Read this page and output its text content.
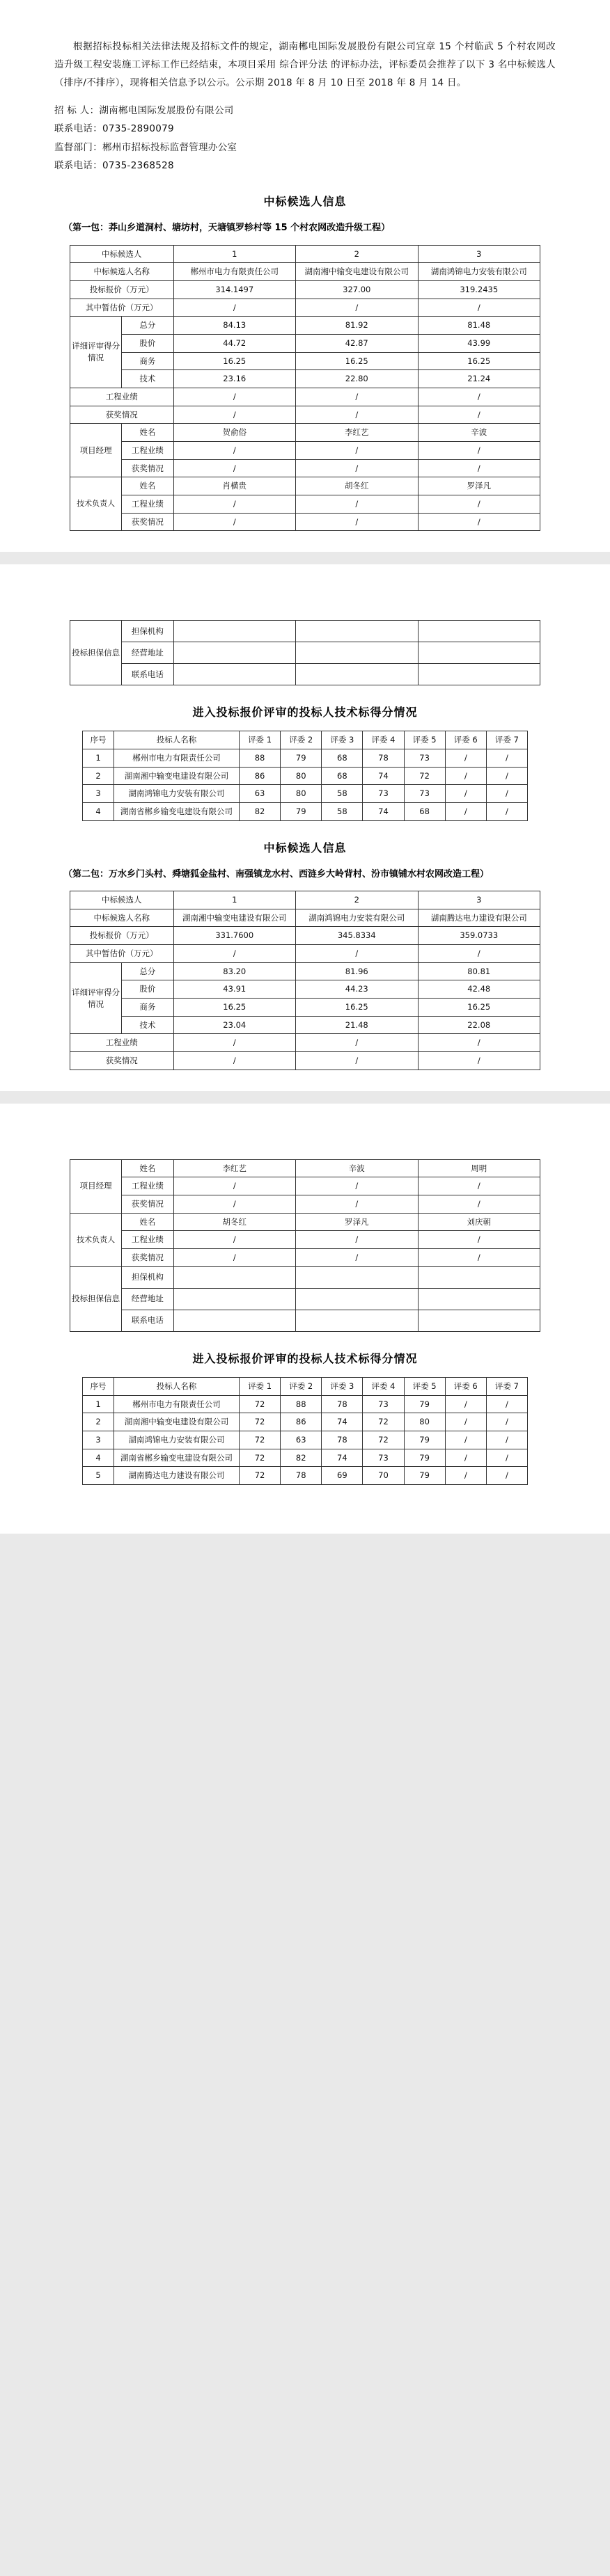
根据招标投标相关法律法规及招标文件的规定，湖南郴电国际发展股份有限公司宜章 15 个村临武 5 个村农网改造升级工程安装施工评标工作已经结束，本项目采用 综合评分法 的评标办法，评标委员会推荐了以下 3 名中标候选人（排序/不排序），现将相关信息予以公示。公示期 2018 年 8 月 10 日至 2018 年 8 月 14 日。

招 标 人：湖南郴电国际发展股份有限公司
联系电话：0735-2890079
监督部门：郴州市招标投标监督管理办公室
联系电话：0735-2368528
中标候选人信息
（第一包：莽山乡道洞村、塘坊村，天塘镇罗轸村等 15 个村农网改造升级工程）
中标候选人		1	2	3
中标候选人名称		郴州市电力有限责任公司	湖南湘中输变电建设有限公司	湖南鸿锦电力安装有限公司
投标报价（万元）		314.1497	327.00	319.2435
其中暂估价（万元）		/	/	/
详细评审得分情况	总分	84.13	81.92	81.48
	股价	44.72	42.87	43.99
	商务	16.25	16.25	16.25
	技术	23.16	22.80	21.24
工程业绩		/	/	/
获奖情况		/	/	/
项目经理	姓名	贺俞俗	李红艺	辛波
	工程业绩	/	/	/
	获奖情况	/	/	/
技术负责人	姓名	肖横贵	胡冬红	罗泽凡
	工程业绩	/	/	/
	获奖情况	/	/	/
投标担保信息	担保机构			
	经营地址			
	联系电话			
进入投标报价评审的投标人技术标得分情况
序号	投标人名称	评委 1	评委 2	评委 3	评委 4	评委 5	评委 6	评委 7
1	郴州市电力有限责任公司	88	79	68	78	73	/	/
2	湖南湘中输变电建设有限公司	86	80	68	74	72	/	/
3	湖南鸿锦电力安装有限公司	63	80	58	73	73	/	/
4	湖南省郴乡输变电建设有限公司	82	79	58	74	68	/	/
中标候选人信息
（第二包：万水乡门头村、舜塘狐金盐村、南强镇龙水村、西涟乡大岭背村、汾市镇铺水村农网改造工程）
中标候选人		1	2	3
中标候选人名称		湖南湘中输变电建设有限公司	湖南鸿锦电力安装有限公司	湖南腾达电力建设有限公司
投标报价（万元）		331.7600	345.8334	359.0733
其中暂估价（万元）		/	/	/
详细评审得分情况	总分	83.20	81.96	80.81
	股价	43.91	44.23	42.48
	商务	16.25	16.25	16.25
	技术	23.04	21.48	22.08
工程业绩		/	/	/
获奖情况		/	/	/
项目经理	姓名	李红艺	辛波	周明
	工程业绩	/	/	/
	获奖情况	/	/	/
技术负责人	姓名	胡冬红	罗泽凡	刘庆朝
	工程业绩	/	/	/
	获奖情况	/	/	/
投标担保信息	担保机构			
	经营地址			
	联系电话			
进入投标报价评审的投标人技术标得分情况
序号	投标人名称	评委 1	评委 2	评委 3	评委 4	评委 5	评委 6	评委 7
1	郴州市电力有限责任公司	72	88	78	73	79	/	/
2	湖南湘中输变电建设有限公司	72	86	74	72	80	/	/
3	湖南鸿锦电力安装有限公司	72	63	78	72	79	/	/
4	湖南省郴乡输变电建设有限公司	72	82	74	73	79	/	/
5	湖南腾达电力建设有限公司	72	78	69	70	79	/	/
